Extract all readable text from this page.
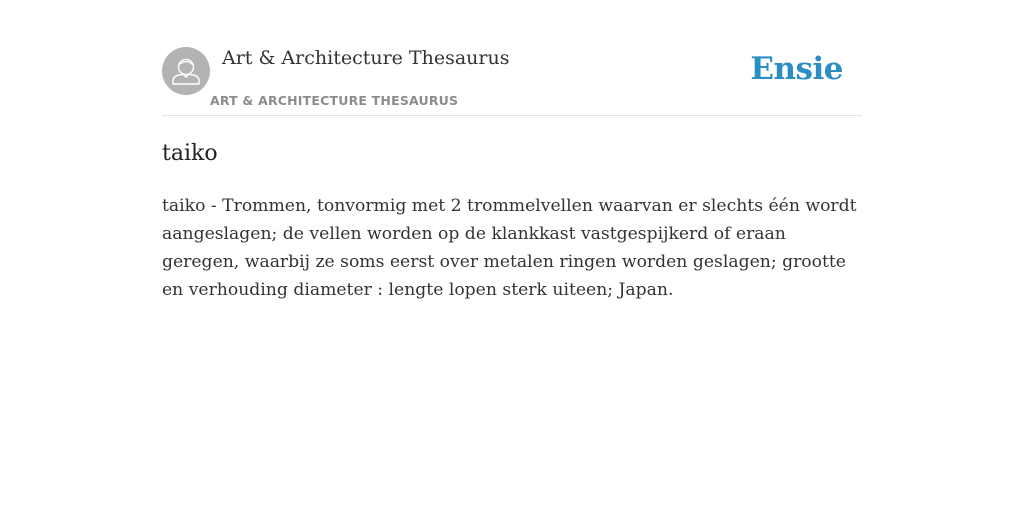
Art & Architecture Thesaurus
ART & ARCHITECTURE THESAURUS
Ensie
taiko

taiko - Trommen, tonvormig met 2 trommelvellen waarvan er slechts één wordt aangeslagen; de vellen worden op de klankkast vastgespijkerd of eraan geregen, waarbij ze soms eerst over metalen ringen worden geslagen; grootte en verhouding diameter : lengte lopen sterk uiteen; Japan.
